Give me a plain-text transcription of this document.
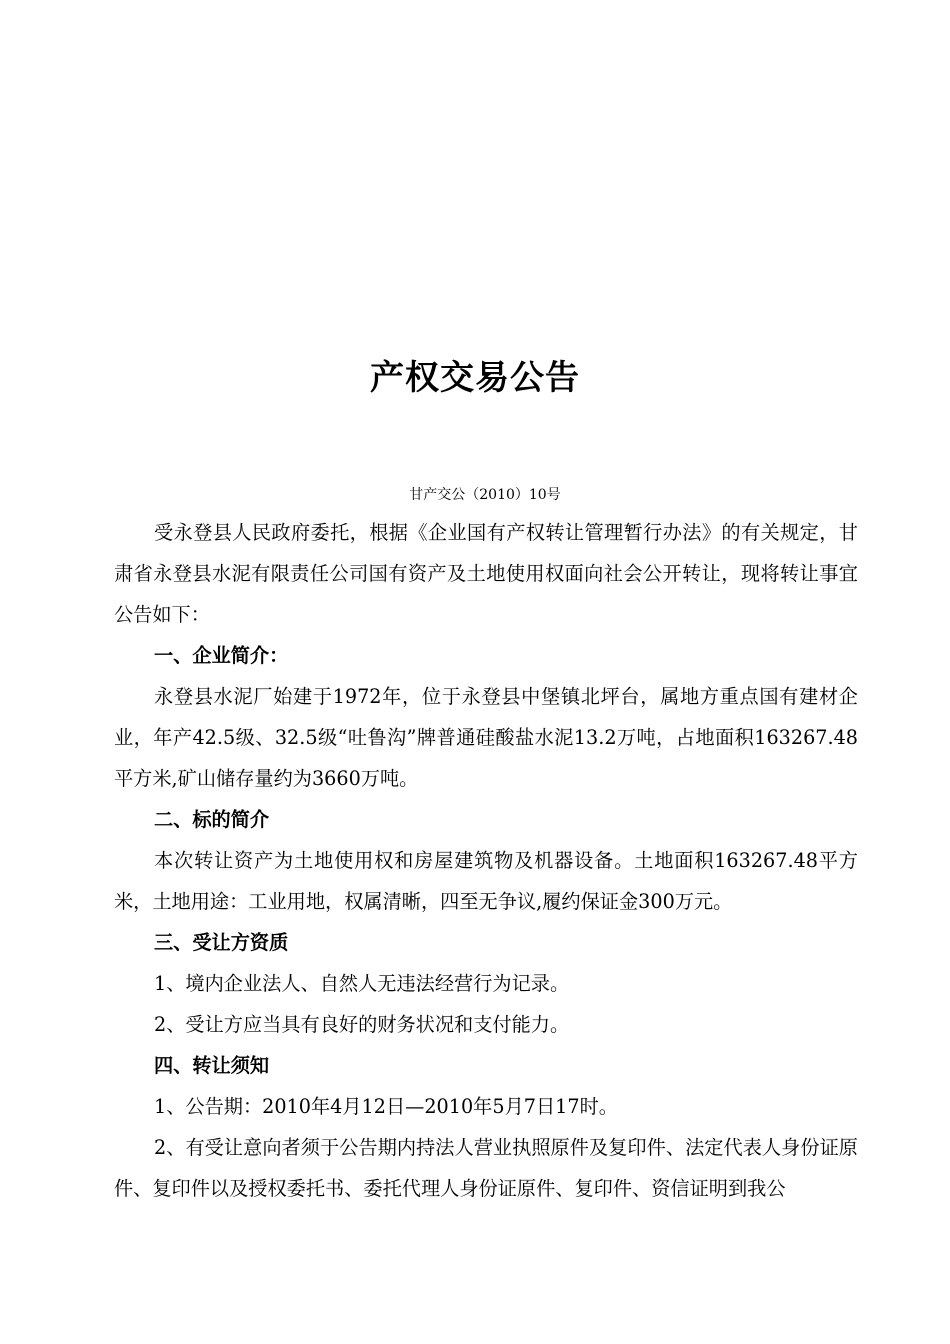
产权交易公告
甘产交公（2010）10号

受永登县人民政府委托，根据《企业国有产权转让管理暂行办法》的有关规定，甘肃省永登县水泥有限责任公司国有资产及土地使用权面向社会公开转让，现将转让事宜公告如下：

一、企业简介：

永登县水泥厂始建于1972年，位于永登县中堡镇北坪台，属地方重点国有建材企业，年产42.5级、32.5级“吐鲁沟”牌普通硅酸盐水泥13.2万吨，占地面积163267.48平方米,矿山储存量约为3660万吨。

二、标的简介

本次转让资产为土地使用权和房屋建筑物及机器设备。土地面积163267.48平方米，土地用途：工业用地，权属清晰，四至无争议,履约保证金300万元。

三、受让方资质

1、境内企业法人、自然人无违法经营行为记录。

2、受让方应当具有良好的财务状况和支付能力。

四、转让须知

1、公告期：2010年4月12日—2010年5月7日17时。

2、有受让意向者须于公告期内持法人营业执照原件及复印件、法定代表人身份证原件、复印件以及授权委托书、委托代理人身份证原件、复印件、资信证明到我公
